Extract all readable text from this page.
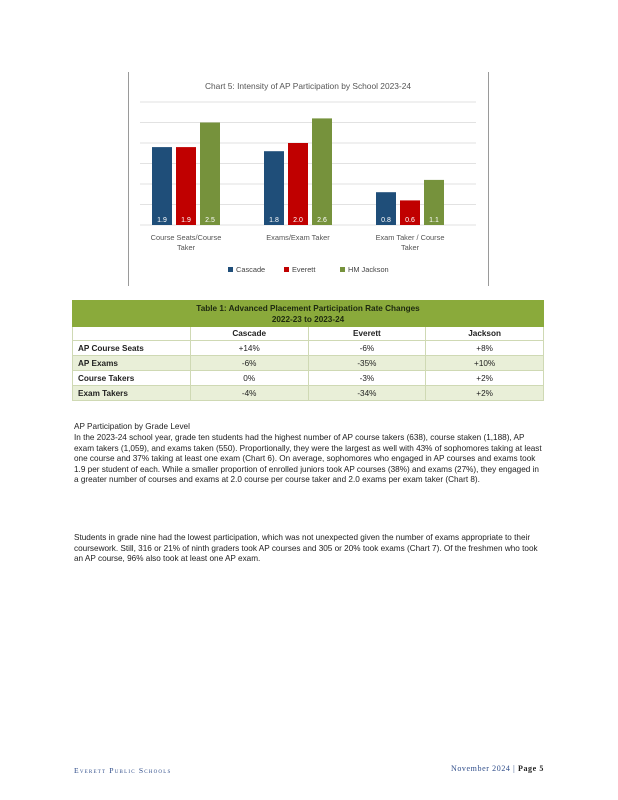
Chart 5: Intensity of AP Participation by School 2023-24
1.9	1.8	0.8
1.9	2.0	0.6
2.5	2.6	1.1
Course Seats/Course Taker
Exams/Exam Taker	Exam Taker / Course Taker
Cascade	Everett	HM Jackson
Table 1: Advanced Placement Participation Rate Changes
2022-23 to 2023-24			
	Cascade	Everett	Jackson
AP Course Seats	+14%	-6%	+8%
AP Exams	-6%	-35%	+10%
Course Takers	0%	-3%	+2%
Exam Takers	-4%	-34%	+2%
AP Participation by Grade Level

In the 2023-24 school year, grade ten students had the highest number of AP course takers (638), course staken (1,188), AP exam takers (1,059), and exams taken (550). Proportionally, they were the largest as well with 43% of sophomores taking at least one course and 37% taking at least one exam (Chart 6). On average, sophomores who engaged in AP courses and exams took 1.9 per student of each. While a smaller proportion of enrolled juniors took AP courses (38%) and exams (27%), they engaged in a greater number of courses and exams at 2.0 course per course taker and 2.0 exams per exam taker (Chart 8).

Students in grade nine had the lowest participation, which was not unexpected given the number of exams appropriate to their coursework. Still, 316 or 21% of ninth graders took AP courses and 305 or 20% took exams (Chart 7). Of the freshmen who took an AP course, 96% also took at least one AP exam.

Everett Public Schools	November 2024 | Page 5
